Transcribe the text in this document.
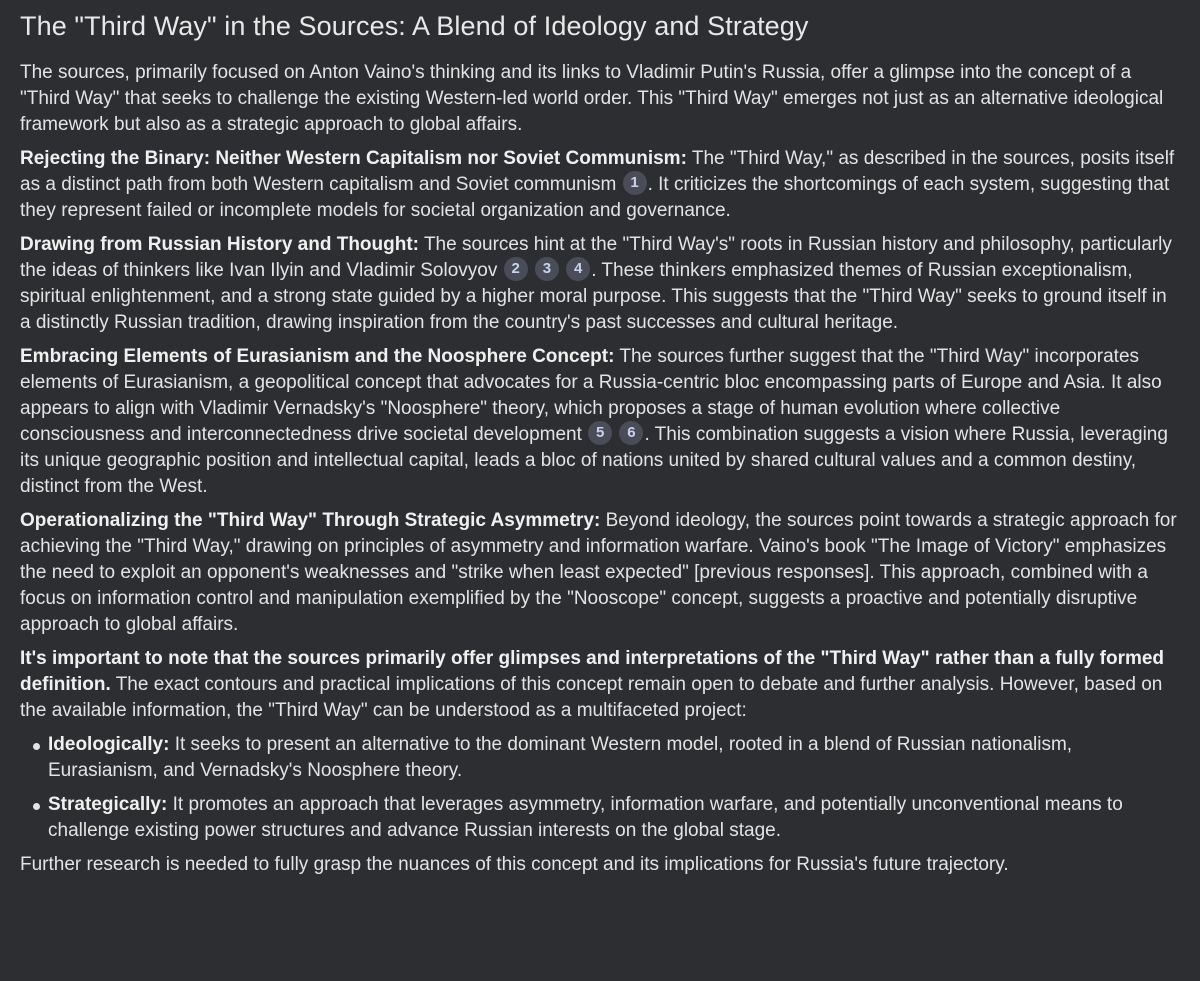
The "Third Way" in the Sources: A Blend of Ideology and Strategy

The sources, primarily focused on Anton Vaino's thinking and its links to Vladimir Putin's Russia, offer a glimpse into the concept of a "Third Way" that seeks to challenge the existing Western-led world order. This "Third Way" emerges not just as an alternative ideological framework but also as a strategic approach to global affairs.

Rejecting the Binary: Neither Western Capitalism nor Soviet Communism: The "Third Way," as described in the sources, posits itself as a distinct path from both Western capitalism and Soviet communism 1 . It criticizes the shortcomings of each system, suggesting that they represent failed or incomplete models for societal organization and governance.

Drawing from Russian History and Thought: The sources hint at the "Third Way's" roots in Russian history and philosophy, particularly the ideas of thinkers like Ivan Ilyin and Vladimir Solovyov 2 3 4 . These thinkers emphasized themes of Russian exceptionalism, spiritual enlightenment, and a strong state guided by a higher moral purpose. This suggests that the "Third Way" seeks to ground itself in a distinctly Russian tradition, drawing inspiration from the country's past successes and cultural heritage.

Embracing Elements of Eurasianism and the Noosphere Concept: The sources further suggest that the "Third Way" incorporates elements of Eurasianism, a geopolitical concept that advocates for a Russia-centric bloc encompassing parts of Europe and Asia. It also appears to align with Vladimir Vernadsky's "Noosphere" theory, which proposes a stage of human evolution where collective consciousness and interconnectedness drive societal development 5 6 . This combination suggests a vision where Russia, leveraging its unique geographic position and intellectual capital, leads a bloc of nations united by shared cultural values and a common destiny, distinct from the West.

Operationalizing the "Third Way" Through Strategic Asymmetry: Beyond ideology, the sources point towards a strategic approach for achieving the "Third Way," drawing on principles of asymmetry and information warfare. Vaino's book "The Image of Victory" emphasizes the need to exploit an opponent's weaknesses and "strike when least expected" [previous responses]. This approach, combined with a focus on information control and manipulation exemplified by the "Nooscope" concept, suggests a proactive and potentially disruptive approach to global affairs.

It's important to note that the sources primarily offer glimpses and interpretations of the "Third Way" rather than a fully formed definition. The exact contours and practical implications of this concept remain open to debate and further analysis. However, based on the available information, the "Third Way" can be understood as a multifaceted project:

Ideologically: It seeks to present an alternative to the dominant Western model, rooted in a blend of Russian nationalism, Eurasianism, and Vernadsky's Noosphere theory.
Strategically: It promotes an approach that leverages asymmetry, information warfare, and potentially unconventional means to challenge existing power structures and advance Russian interests on the global stage.

Further research is needed to fully grasp the nuances of this concept and its implications for Russia's future trajectory.
